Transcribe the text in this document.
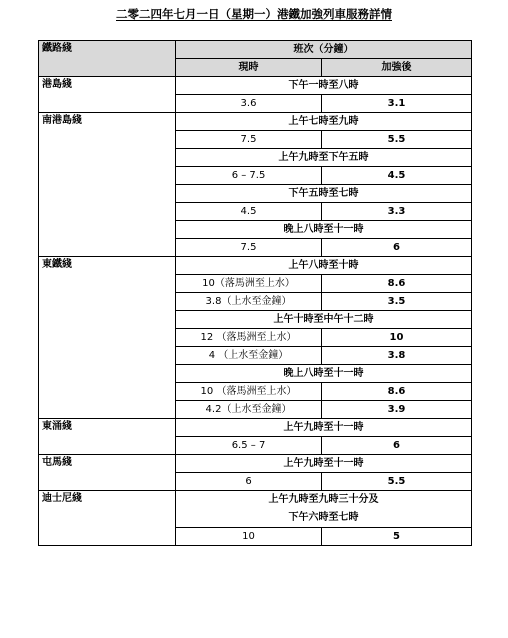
二零二四年七月一日（星期一）港鐵加強列車服務詳情
鐵路綫	班次（分鐘）	
	現時	加強後
港島綫	下午一時至八時	
	3.6	3.1
南港島綫	上午七時至九時	
	7.5	5.5
	上午九時至下午五時	
	6 – 7.5	4.5
	下午五時至七時	
	4.5	3.3
	晚上八時至十一時	
	7.5	6
東鐵綫	上午八時至十時	
	10（落馬洲至上水）	8.6
	3.8（上水至金鐘）	3.5
	上午十時至中午十二時	
	12 （落馬洲至上水）	10
	4 （上水至金鐘）	3.8
	晚上八時至十一時	
	10 （落馬洲至上水）	8.6
	4.2（上水至金鐘）	3.9
東涌綫	上午九時至十一時	
	6.5 – 7	6
屯馬綫	上午九時至十一時	
	6	5.5
迪士尼綫	上午九時至九時三十分及
下午六時至七時	
	10	5
